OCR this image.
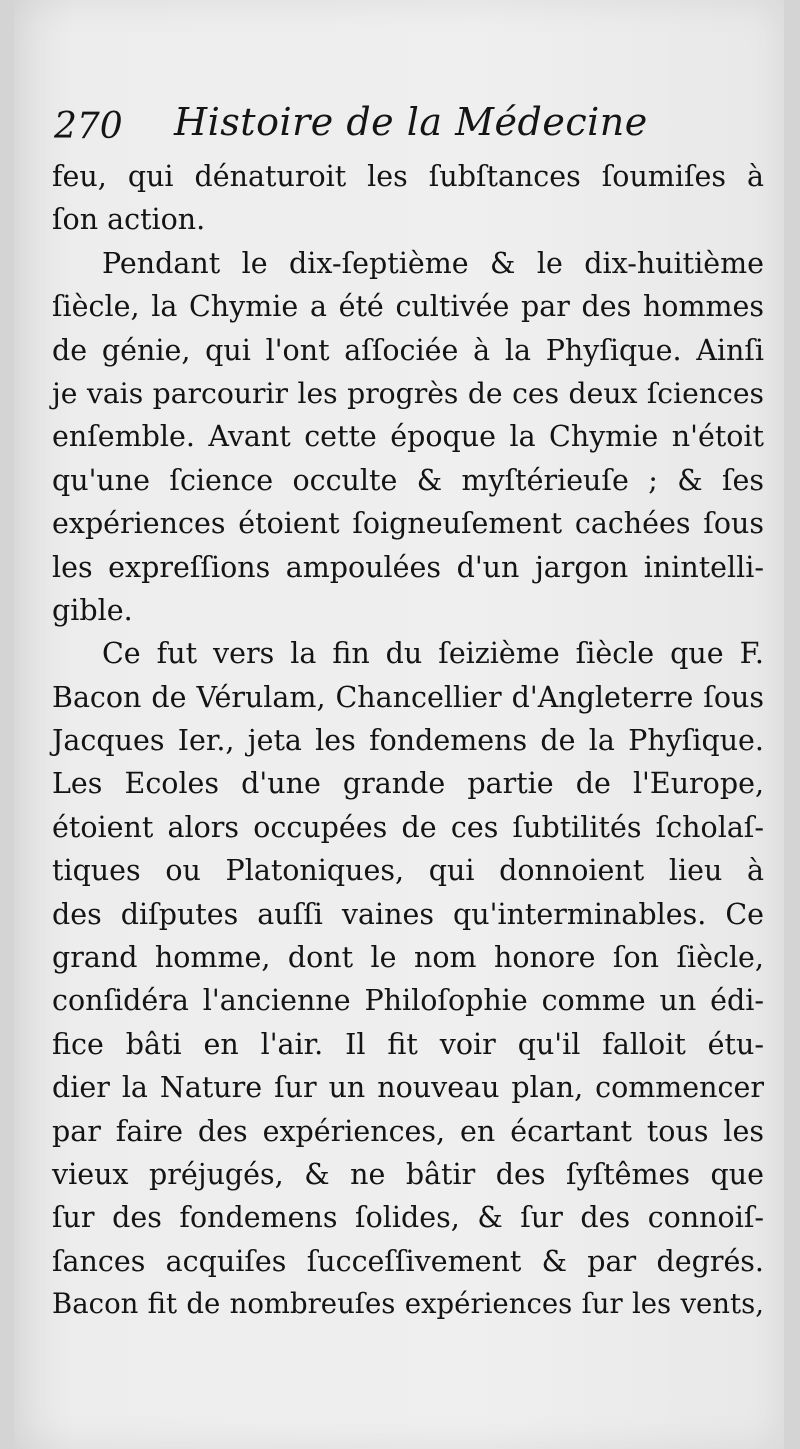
270 Histoire de la Médecine
feu, qui dénaturoit les ſubſtances ſoumiſes à
ſon action.
Pendant le dix-ſeptième & le dix-huitième
ſiècle, la Chymie a été cultivée par des hommes
de génie, qui l'ont aſſociée à la Phyſique. Ainſi
je vais parcourir les progrès de ces deux ſciences
enſemble. Avant cette époque la Chymie n'étoit
qu'une ſcience occulte & myſtérieuſe ; & ſes
expériences étoient ſoigneuſement cachées ſous
les expreſſions ampoulées d'un jargon inintelli-
gible.
Ce fut vers la fin du ſeizième ſiècle que F.
Bacon de Vérulam, Chancellier d'Angleterre ſous
Jacques Ier., jeta les fondemens de la Phyſique.
Les Ecoles d'une grande partie de l'Europe,
étoient alors occupées de ces ſubtilités ſcholaſ-
tiques ou Platoniques, qui donnoient lieu à
des diſputes auſſi vaines qu'interminables. Ce
grand homme, dont le nom honore ſon ſiècle,
conſidéra l'ancienne Philoſophie comme un édi-
fice bâti en l'air. Il fit voir qu'il falloit étu-
dier la Nature ſur un nouveau plan, commencer
par faire des expériences, en écartant tous les
vieux préjugés, & ne bâtir des ſyſtêmes que
ſur des fondemens ſolides, & ſur des connoiſ-
ſances acquiſes ſucceſſivement & par degrés.
Bacon fit de nombreuſes expériences ſur les vents,
